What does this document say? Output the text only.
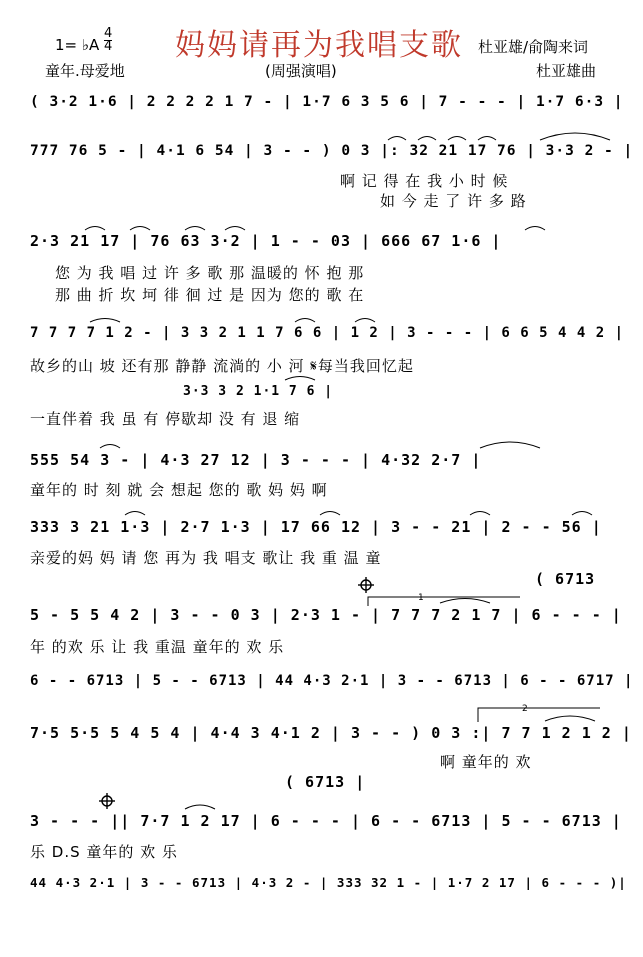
妈妈请再为我唱支歌
1= ♭A
4
4	杜亚雄/俞陶来词
童年.母爱地	(周强演唱)	杜亚雄曲
( 3·2 1·6 | 2 2 2 2 1 7 - | 1·7 6 3 5 6 | 7 - - - | 1·7 6·3 |
777 76 5 - | 4·1 6 54 | 3 - - ) 0 3 |: 32 21 17 76 | 3·3 2 - |
啊 记 得 在 我 小 时 候
如 今 走 了 许 多 路
2·3 21 17 | 76 63 3·2 | 1 - - 03 | 666 67 1·6 |
您 为 我 唱 过 许 多 歌 那 温暖的 怀 抱 那
那 曲 折 坎 坷 徘 徊 过 是 因为 您的 歌 在
7 7 7 7 1 2 - | 3 3 2 1 1 7 6 6 | 1 2 | 3 - - - | 6 6 5 4 4 2 |
故乡的山 坡 还有那 静静 流淌的 小 河 𝄋每当我回忆起
3·3 3 2 1·1 7 6 |
一直伴着 我 虽 有 停歇却 没 有 退 缩
555 54 3 - | 4·3 27 12 | 3 - - - | 4·32 2·7 |
童年的 时 刻 就 会 想起 您的 歌 妈 妈 啊
333 3 21 1·3 | 2·7 1·3 | 17 66 12 | 3 - - 21 | 2 - - 56 |
亲爱的妈 妈 请 您 再为 我 唱支 歌让 我 重 温 童
( 6713
5 - 5 5 4 2 | 3 - - 0 3 | 2·3 1 - | 7 7 7 2 1 7 | 6 - - - |
年 的欢 乐 让 我 重温 童年的 欢 乐
6 - - 6713 | 5 - - 6713 | 44 4·3 2·1 | 3 - - 6713 | 6 - - 6717 |
7·5 5·5 5 4 5 4 | 4·4 3 4·1 2 | 3 - - ) 0 3 :| 7 7 1 2 1 2 |
啊 童年的 欢
( 6713 |
3 - - - || 7·7 1 2 17 | 6 - - - | 6 - - 6713 | 5 - - 6713 |
乐 D.S 童年的 欢 乐
44 4·3 2·1 | 3 - - 6713 | 4·3 2 - | 333 32 1 - | 1·7 2 17 | 6 - - - )|
1
2
